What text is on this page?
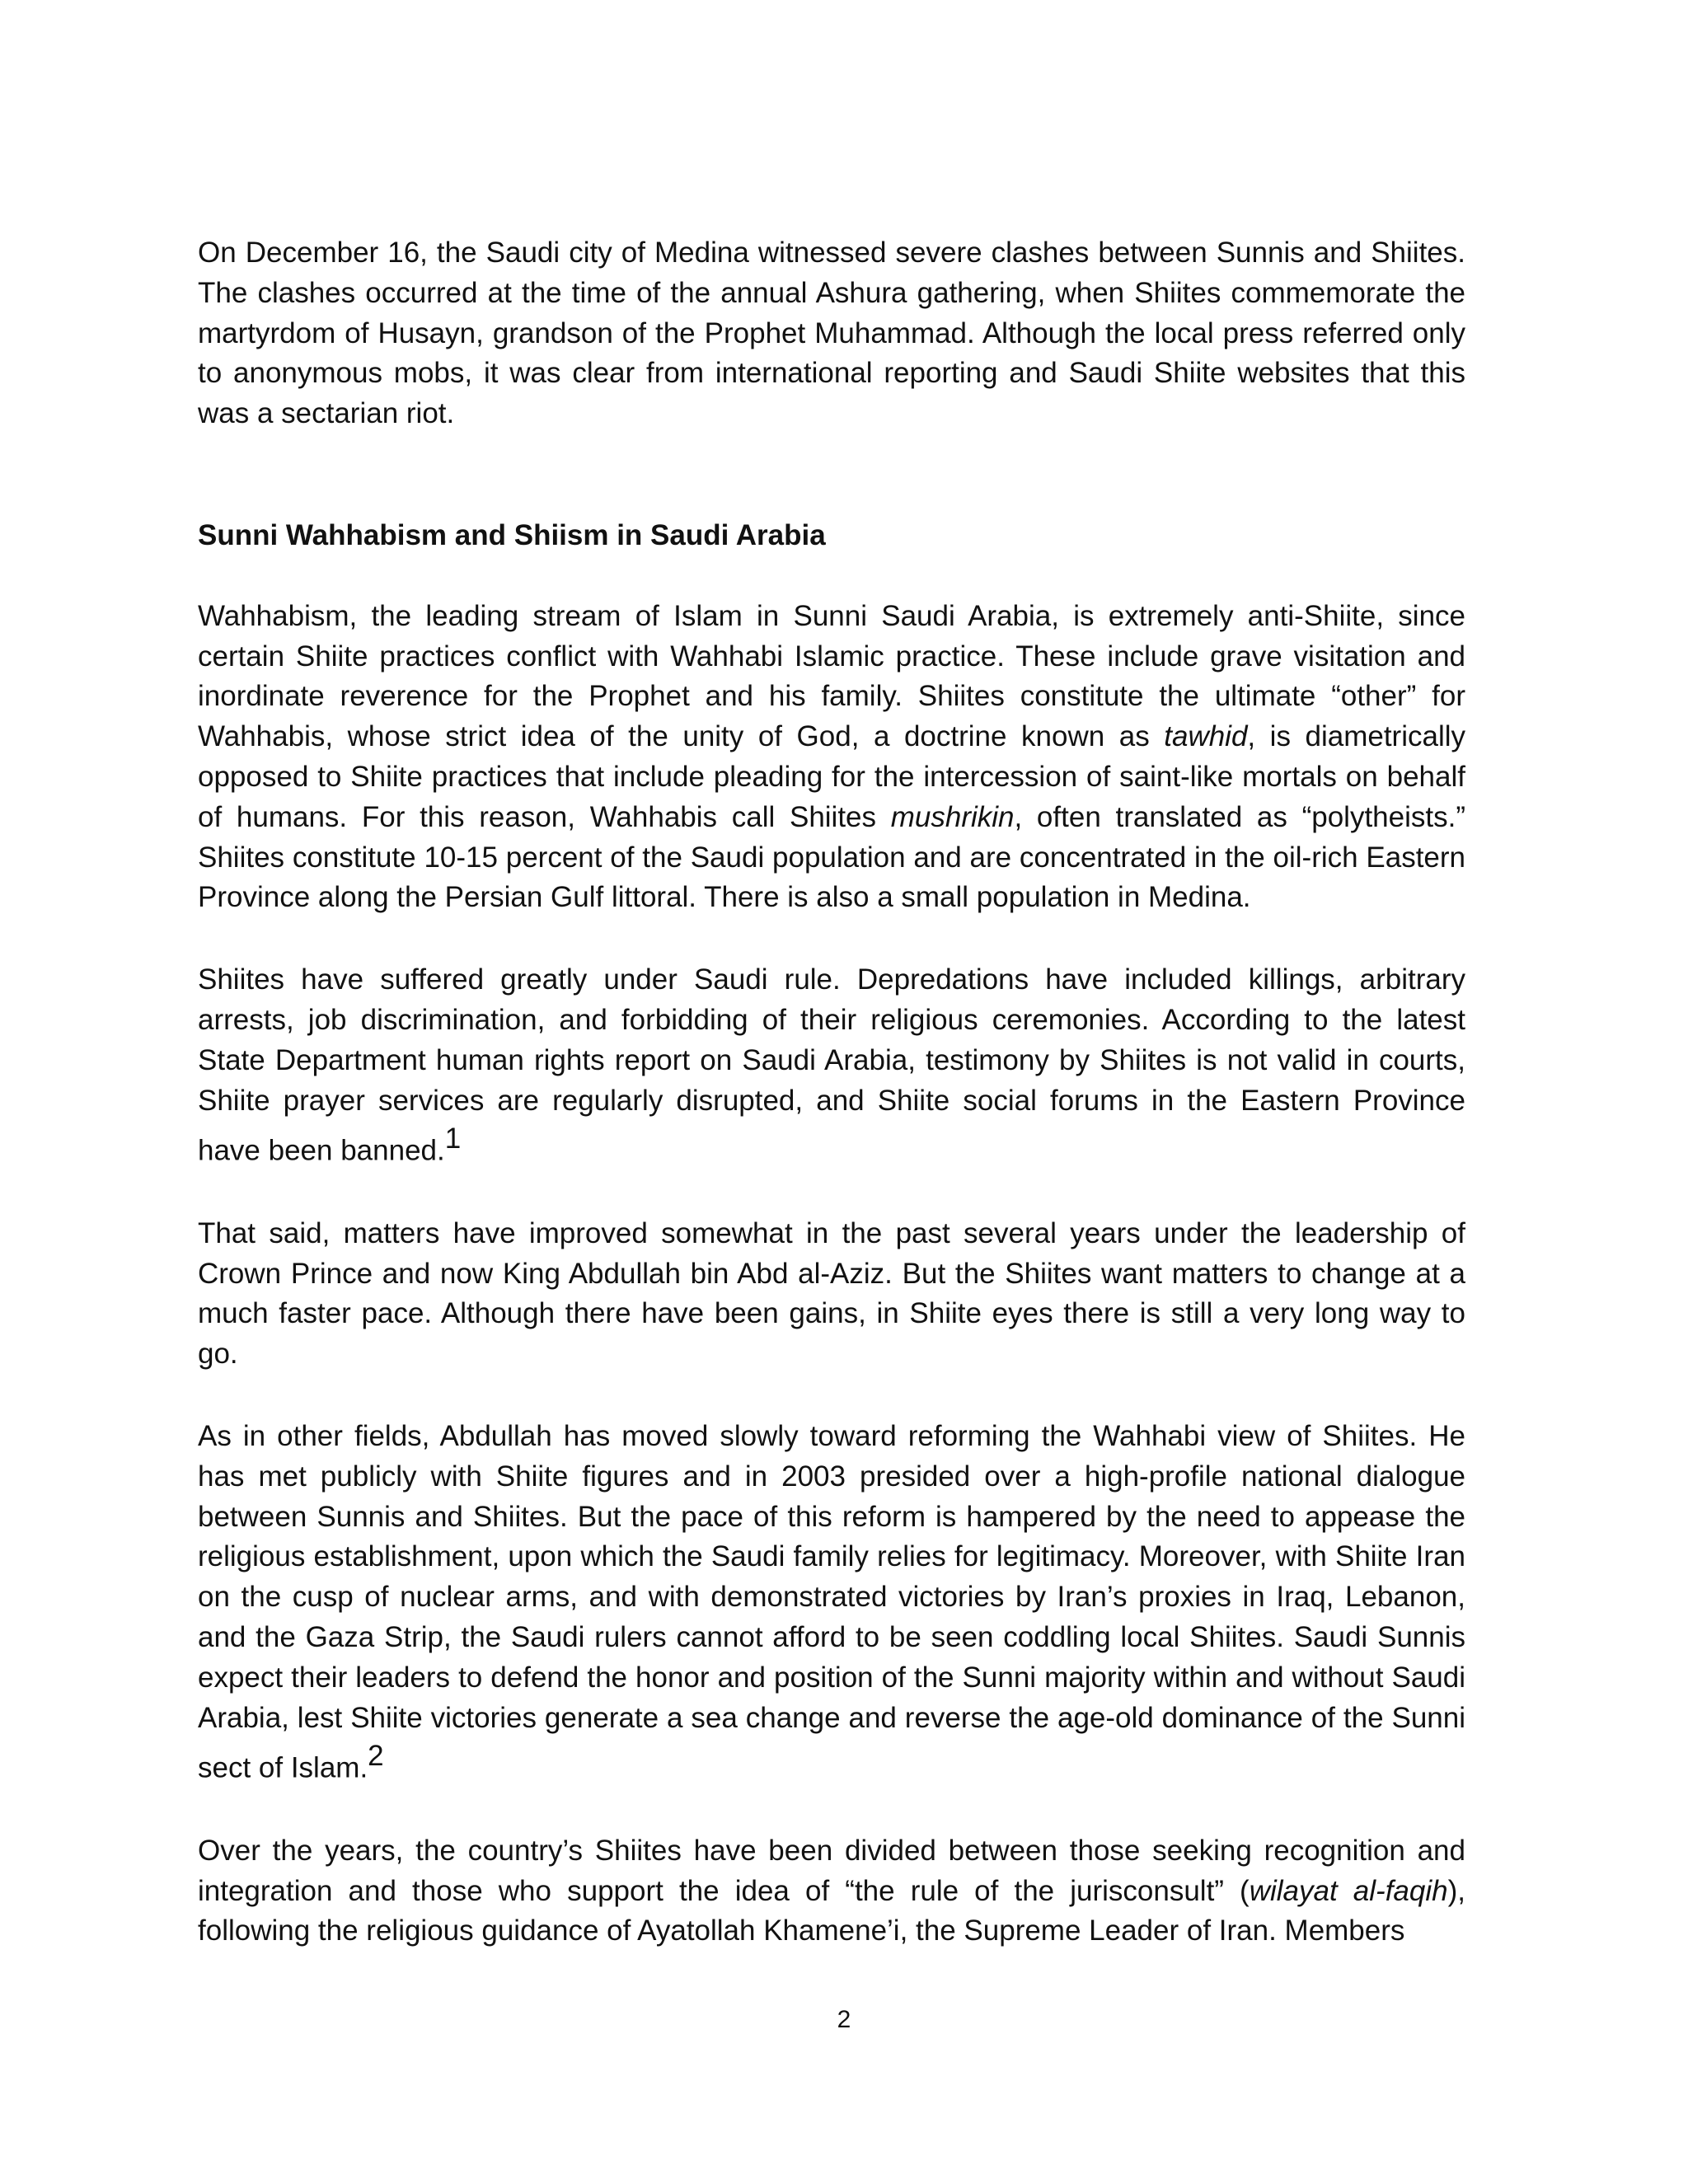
On December 16, the Saudi city of Medina witnessed severe clashes between Sunnis and Shiites. The clashes occurred at the time of the annual Ashura gathering, when Shiites commemorate the martyrdom of Husayn, grandson of the Prophet Muhammad. Although the local press referred only to anonymous mobs, it was clear from international reporting and Saudi Shiite websites that this was a sectarian riot.

Sunni Wahhabism and Shiism in Saudi Arabia

Wahhabism, the leading stream of Islam in Sunni Saudi Arabia, is extremely anti-Shiite, since certain Shiite practices conflict with Wahhabi Islamic practice. These include grave visitation and inordinate reverence for the Prophet and his family. Shiites constitute the ultimate “other” for Wahhabis, whose strict idea of the unity of God, a doctrine known as tawhid, is diametrically opposed to Shiite practices that include pleading for the intercession of saint-like mortals on behalf of humans. For this reason, Wahhabis call Shiites mushrikin, often translated as “polytheists.” Shiites constitute 10-15 percent of the Saudi population and are concentrated in the oil-rich Eastern Province along the Persian Gulf littoral. There is also a small population in Medina.

Shiites have suffered greatly under Saudi rule. Depredations have included killings, arbitrary arrests, job discrimination, and forbidding of their religious ceremonies. According to the latest State Department human rights report on Saudi Arabia, testimony by Shiites is not valid in courts, Shiite prayer services are regularly disrupted, and Shiite social forums in the Eastern Province have been banned.$^1$

That said, matters have improved somewhat in the past several years under the leadership of Crown Prince and now King Abdullah bin Abd al-Aziz. But the Shiites want matters to change at a much faster pace. Although there have been gains, in Shiite eyes there is still a very long way to go.

As in other fields, Abdullah has moved slowly toward reforming the Wahhabi view of Shiites. He has met publicly with Shiite figures and in 2003 presided over a high-profile national dialogue between Sunnis and Shiites. But the pace of this reform is hampered by the need to appease the religious establishment, upon which the Saudi family relies for legitimacy. Moreover, with Shiite Iran on the cusp of nuclear arms, and with demonstrated victories by Iran’s proxies in Iraq, Lebanon, and the Gaza Strip, the Saudi rulers cannot afford to be seen coddling local Shiites. Saudi Sunnis expect their leaders to defend the honor and position of the Sunni majority within and without Saudi Arabia, lest Shiite victories generate a sea change and reverse the age-old dominance of the Sunni sect of Islam.$^2$

Over the years, the country’s Shiites have been divided between those seeking recognition and integration and those who support the idea of “the rule of the jurisconsult” (wilayat al-faqih), following the religious guidance of Ayatollah Khamene’i, the Supreme Leader of Iran. Members

2
